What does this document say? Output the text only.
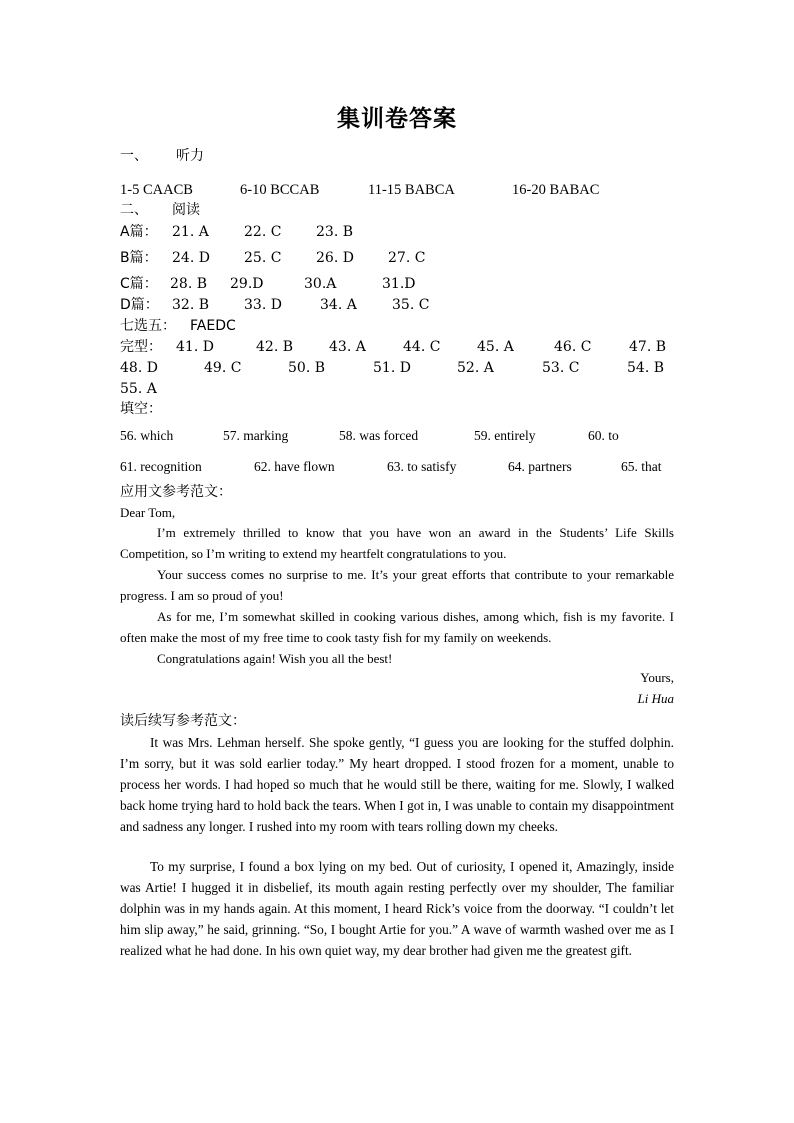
集训卷答案
一、 听力
1-5 CAACB	6-10 BCCAB	11-15 BABCA	16-20 BABAC
二、 阅读
A篇： 21. A	22. C 23. B
B篇： 24. D 25. C 26. D 27. C
C篇： 28. B 29.D	30.A	31.D
D篇： 32. B 33. D	34. A	35. C
七选五： FAEDC
完型： 41. D	42. B	43. A	44. C	45. A	46. C	47. B
48. D	49. C	50. B	51. D	52. A	53. C	54. B
55. A
填空：
56. which	57. marking	58. was forced	59. entirely	60. to
61. recognition	62. have flown	63. to satisfy	64. partners	65. that
应用文参考范文：
Dear Tom,
I’m extremely thrilled to know that you have won an award in the Students’ Life Skills Competition, so I’m writing to extend my heartfelt congratulations to you.
Your success comes no surprise to me. It’s your great efforts that contribute to your remarkable progress. I am so proud of you!
As for me, I’m somewhat skilled in cooking various dishes, among which, fish is my favorite. I often make the most of my free time to cook tasty fish for my family on weekends.
Congratulations again! Wish you all the best!
Yours,
Li Hua
读后续写参考范文：
It was Mrs. Lehman herself. She spoke gently, “I guess you are looking for the stuffed dolphin. I’m sorry, but it was sold earlier today.” My heart dropped. I stood frozen for a moment, unable to process her words. I had hoped so much that he would still be there, waiting for me. Slowly, I walked back home trying hard to hold back the tears. When I got in, I was unable to contain my disappointment and sadness any longer. I rushed into my room with tears rolling down my cheeks.
To my surprise, I found a box lying on my bed. Out of curiosity, I opened it, Amazingly, inside was Artie! I hugged it in disbelief, its mouth again resting perfectly over my shoulder, The familiar dolphin was in my hands again. At this moment, I heard Rick’s voice from the doorway. “I couldn’t let him slip away,” he said, grinning. “So, I bought Artie for you.” A wave of warmth washed over me as I realized what he had done. In his own quiet way, my dear brother had given me the greatest gift.
